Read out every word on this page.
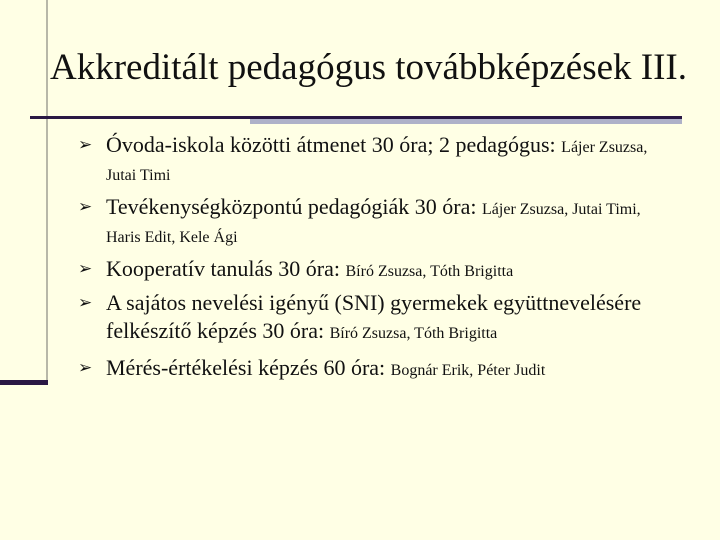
Akkreditált pedagógus továbbképzések III.
➢ Óvoda-iskola közötti átmenet 30 óra; 2 pedagógus: Lájer Zsuzsa, Jutai Timi
➢ Tevékenységközpontú pedagógiák 30 óra: Lájer Zsuzsa, Jutai Timi, Haris Edit, Kele Ági
➢ Kooperatív tanulás 30 óra: Bíró Zsuzsa, Tóth Brigitta
➢ A sajátos nevelési igényű (SNI) gyermekek együttnevelésére felkészítő képzés 30 óra: Bíró Zsuzsa, Tóth Brigitta
➢ Mérés-értékelési képzés 60 óra: Bognár Erik, Péter Judit
